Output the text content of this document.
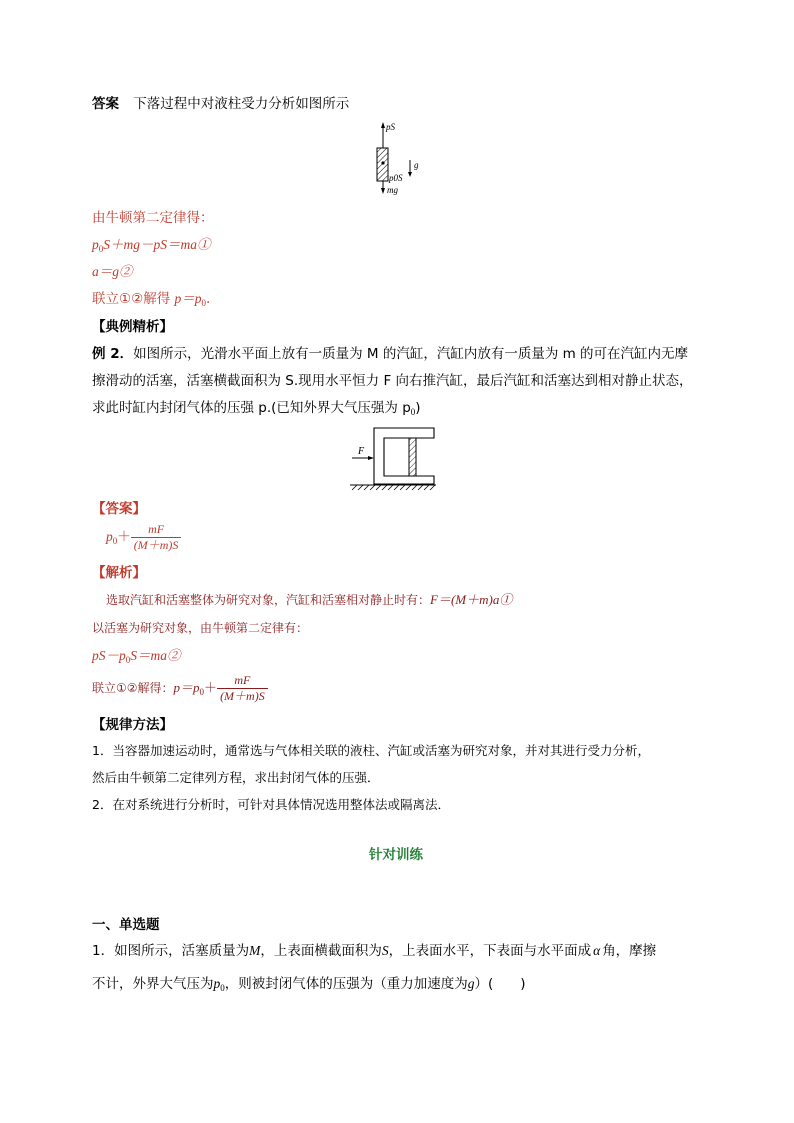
答案 下落过程中对液柱受力分析如图所示
pS
mg
p0S
g
由牛顿第二定律得：
$p_0S+mg-pS=ma①$
a＝g②
联立①②解得 $p=p_0$.
【典例精析】
例 2．如图所示，光滑水平面上放有一质量为 M 的汽缸，汽缸内放有一质量为 m 的可在汽缸内无摩
擦滑动的活塞，活塞横截面积为 S.现用水平恒力 F 向右推汽缸，最后汽缸和活塞达到相对静止状态，
求此时缸内封闭气体的压强 p.(已知外界大气压强为 $p_0$)
F
【答案】
$p_0+ \frac{mF}{(M+m)S}$
【解析】
选取汽缸和活塞整体为研究对象，汽缸和活塞相对静止时有：F＝(M＋m)a①
以活塞为研究对象，由牛顿第二定律有：
$pS-p_0S=ma②$
联立①②解得：$p=p_0+ \frac{mF}{(M+m)S}$
【规律方法】
1．当容器加速运动时，通常选与气体相关联的液柱、汽缸或活塞为研究对象，并对其进行受力分析，
然后由牛顿第二定律列方程，求出封闭气体的压强．
2．在对系统进行分析时，可针对具体情况选用整体法或隔离法．
针对训练
一、单选题
1．如图所示，活塞质量为M，上表面横截面积为S，上表面水平，下表面与水平面成 α 角，摩擦
不计，外界大气压为$p_0$，则被封闭气体的压强为（重力加速度为g）(　　)
